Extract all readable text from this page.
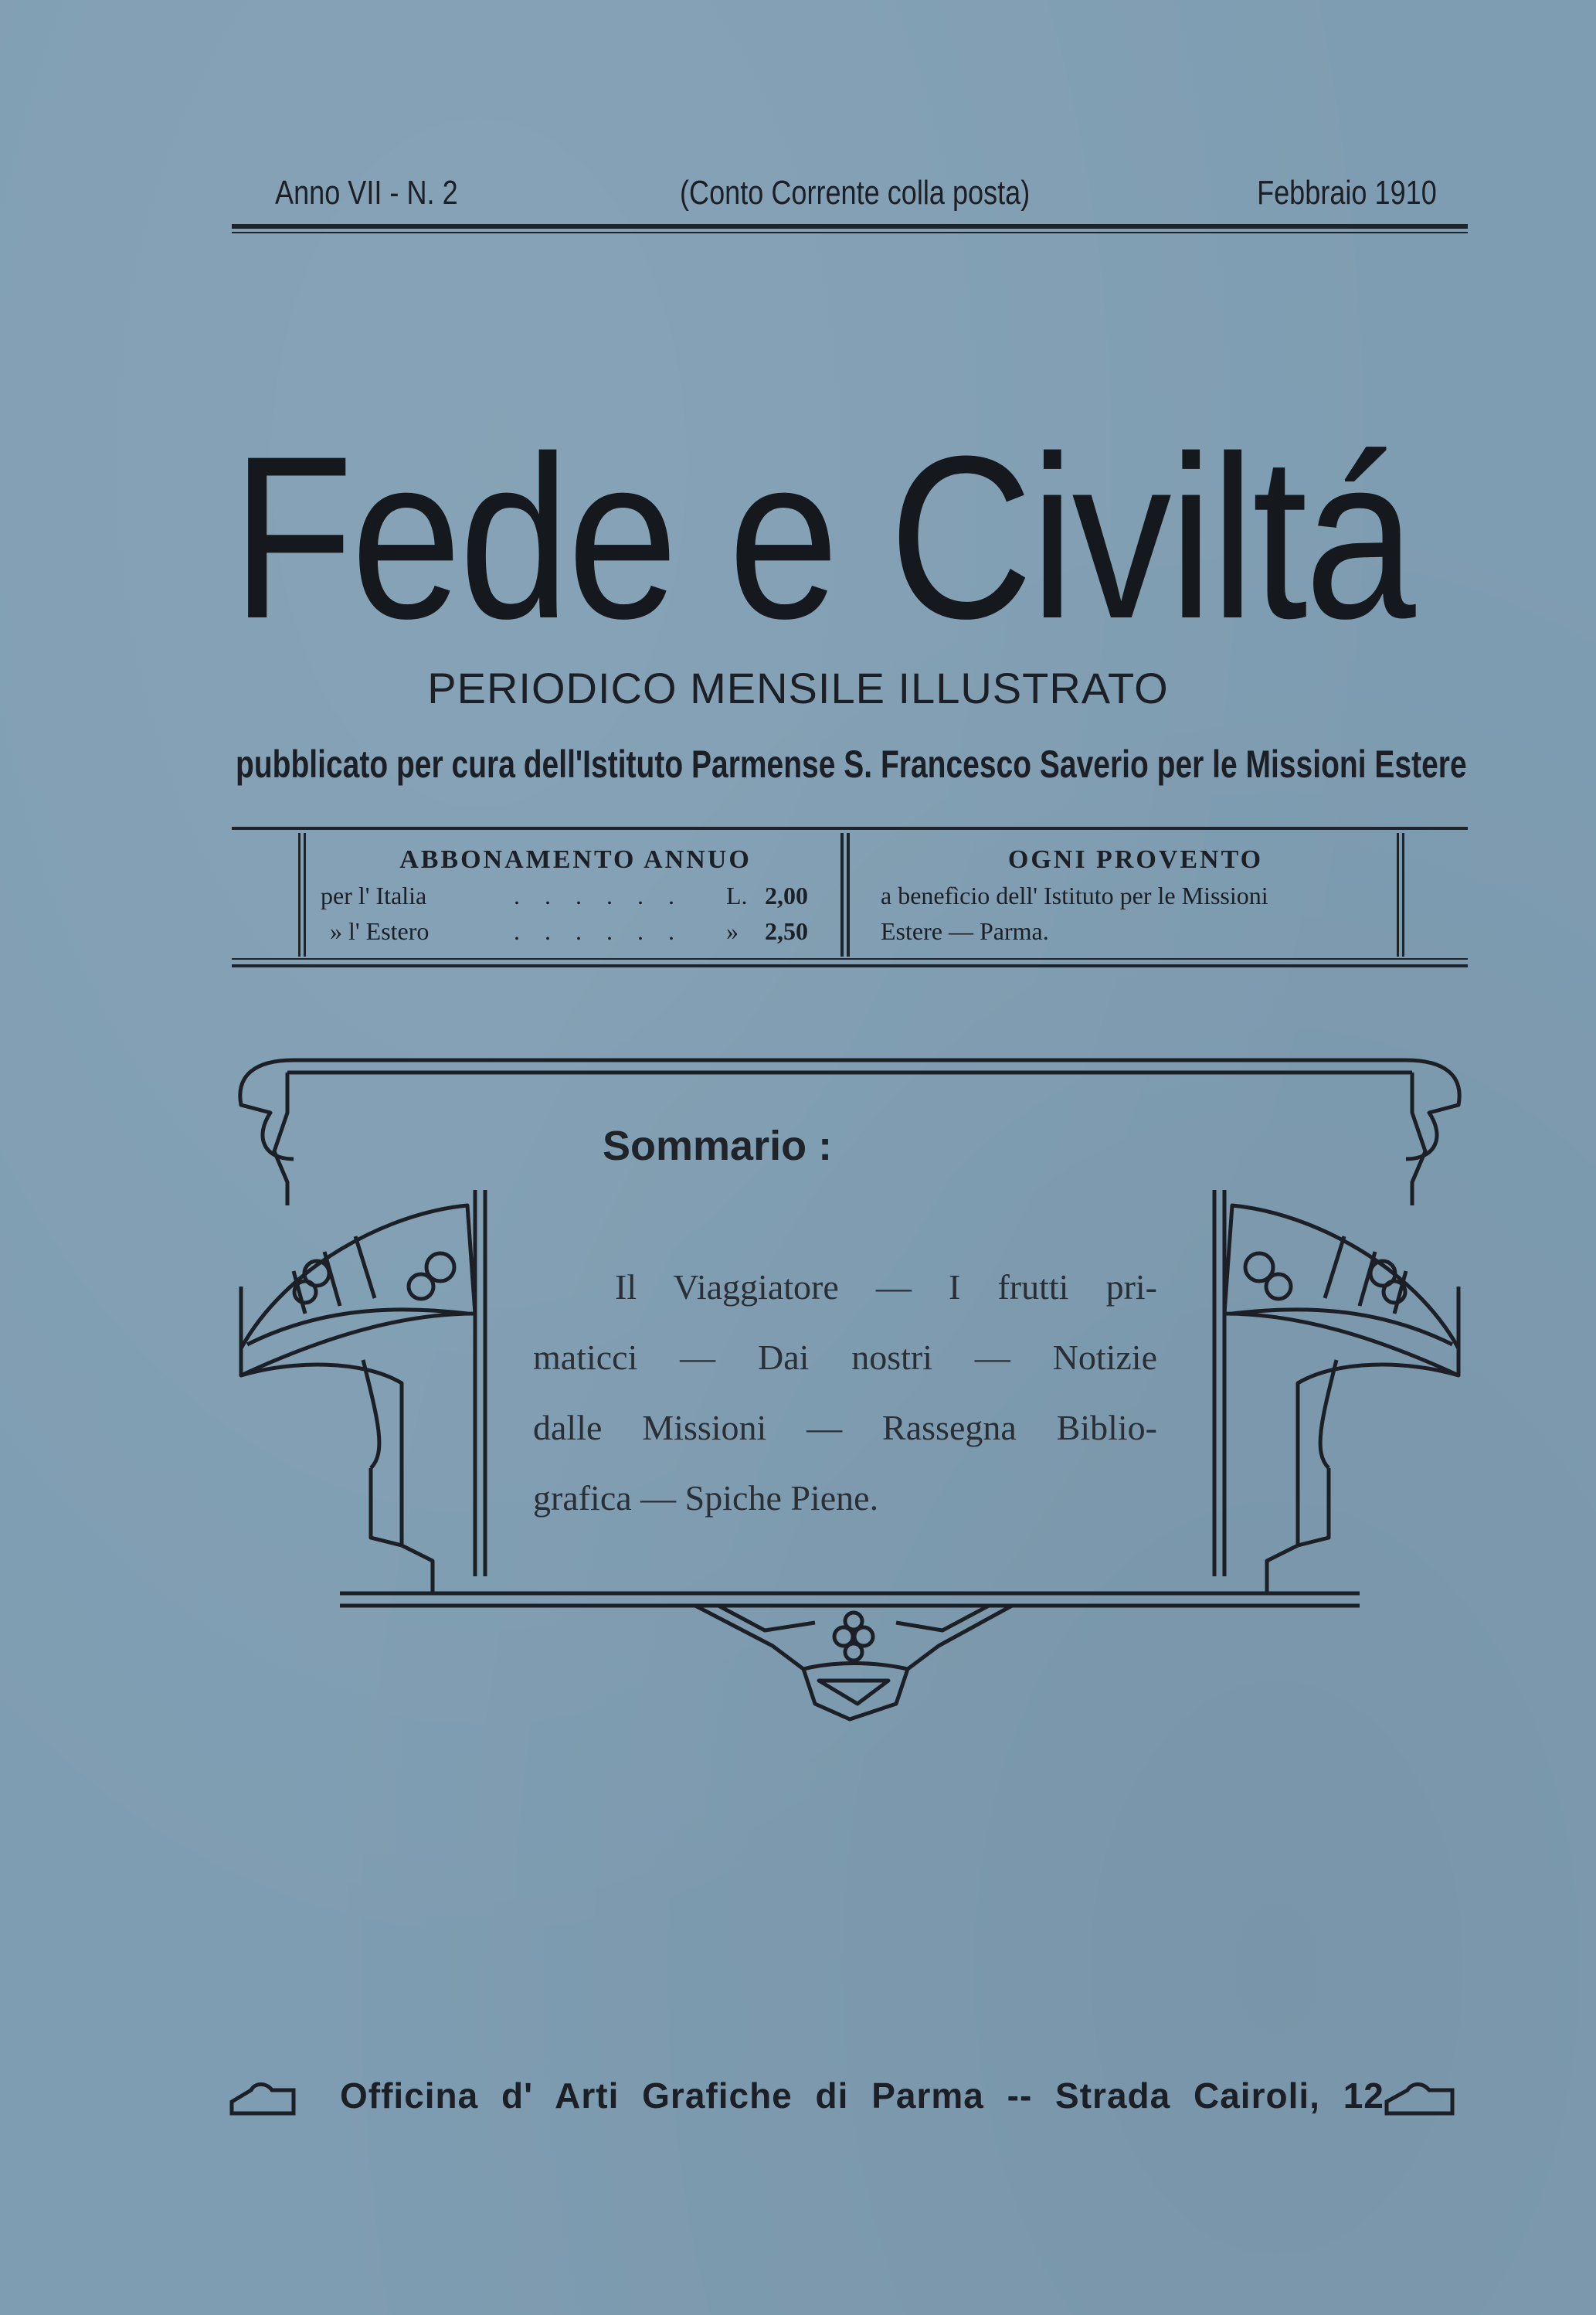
Anno VII - N. 2	(Conto Corrente colla posta)	Febbraio 1910
Fede e Civiltá
PERIODICO MENSILE ILLUSTRATO
pubblicato per cura dell'Istituto Parmense S. Francesco Saverio per le Missioni Estere
ABBONAMENTO ANNUO
per l' Italia	. . . . . . L. 2,00
» l' Estero	. . . . . . » 2,50
OGNI PROVENTO
a benefìcio dell' Istituto per le Missioni
Estere — Parma.
Sommario :
Il Viaggiatore — I frutti pri-
maticci — Dai nostri — Notizie
dalle Missioni — Rassegna Biblio-
grafica — Spiche Piene.
Officina d' Arti Grafiche di Parma -- Strada Cairoli, 12
